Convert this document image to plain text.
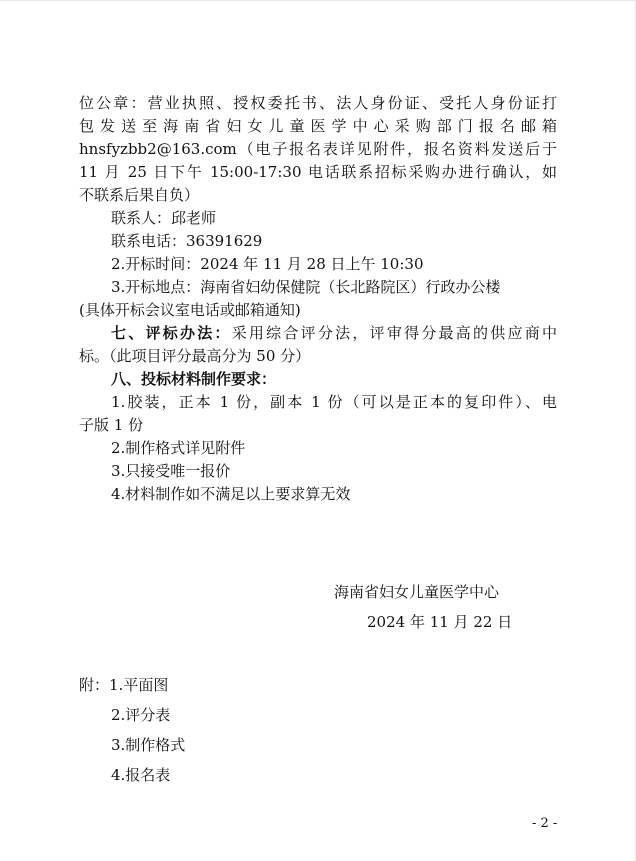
位公章：营业执照、授权委托书、法人身份证、受托人身份证打
包发送至海南省妇女儿童医学中心采购部门报名邮箱
hnsfyzbb2@163.com（电子报名表详见附件，报名资料发送后于
11 月 25 日下午 15:00-17:30 电话联系招标采购办进行确认，如
不联系后果自负）
联系人：邱老师
联系电话：36391629
2.开标时间：2024 年 11 月 28 日上午 10:30
3.开标地点：海南省妇幼保健院（长北路院区）行政办公楼
(具体开标会议室电话或邮箱通知)
七、评标办法：采用综合评分法，评审得分最高的供应商中
标。（此项目评分最高分为 50 分）
八、投标材料制作要求：
1.胶装，正本 1 份，副本 1 份（可以是正本的复印件）、电
子版 1 份
2.制作格式详见附件
3.只接受唯一报价
4.材料制作如不满足以上要求算无效
海南省妇女儿童医学中心
2024 年 11 月 22 日
附：1.平面图
2.评分表
3.制作格式
4.报名表
- 2 -
